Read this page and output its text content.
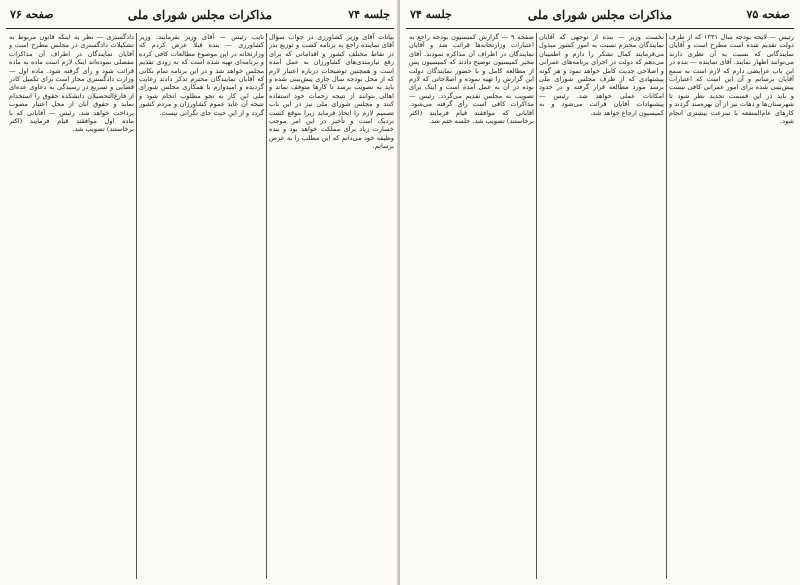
جلسه ۷۴
مذاکرات مجلس شورای ملی
صفحه ۷۶

بیانات آقای وزیر کشاورزی در جواب سؤال آقای نماینده راجع به برنامه کشت و توزیع بذر در نقاط مختلف کشور و اقداماتی که برای رفع نیازمندی‌های کشاورزان به عمل آمده است و همچنین توضیحات درباره اعتبار لازم که از محل بودجه سال جاری پیش‌بینی شده و باید به تصویب برسد تا کارها متوقف نماند و اهالی بتوانند از نتیجه زحمات خود استفاده کنند و مجلس شورای ملی نیز در این باب تصمیم لازم را اتخاذ فرماید زیرا موقع کشت نزدیک است و تأخیر در این امر موجب خسارت زیاد برای مملکت خواهد بود و بنده وظیفه خود می‌دانم که این مطلب را به عرض برسانم.

نایب رئیس — آقای وزیر بفرمایند. وزیر کشاورزی — بنده قبلاً عرض کردم که وزارتخانه در این موضوع مطالعات کافی کرده و برنامه‌ای تهیه شده است که به زودی تقدیم مجلس خواهد شد و در این برنامه تمام نکاتی که آقایان نمایندگان محترم تذکر دادند رعایت گردیده و امیدوارم با همکاری مجلس شورای ملی این کار به نحو مطلوب انجام شود و نتیجه آن عاید عموم کشاورزان و مردم کشور گردد و از این حیث جای نگرانی نیست.

دادگستری — نظر به اینکه قانون مربوط به تشکیلات دادگستری در مجلس مطرح است و آقایان نمایندگان در اطراف آن مذاکرات مفصلی نموده‌اند اینک لازم است ماده به ماده قرائت شود و رأی گرفته شود. ماده اول — وزارت دادگستری مجاز است برای تکمیل کادر قضایی و تسریع در رسیدگی به دعاوی عده‌ای از فارغ‌التحصیلان دانشکده حقوق را استخدام نماید و حقوق آنان از محل اعتبار مصوب پرداخت خواهد شد. رئیس — آقایانی که با ماده اول موافقند قیام فرمایند (اکثر برخاستند) تصویب شد.

صفحه ۷۵
مذاکرات مجلس شورای ملی
جلسه ۷۴

رئیس — لایحه بودجه سال ۱۳۳۱ که از طرف دولت تقدیم شده است مطرح است و آقایان نمایندگانی که نسبت به آن نظری دارند می‌توانند اظهار نمایند. آقای نماینده — بنده در این باب عرایضی دارم که لازم است به سمع آقایان برسانم و آن این است که اعتبارات پیش‌بینی شده برای امور عمرانی کافی نیست و باید در این قسمت تجدید نظر شود تا شهرستان‌ها و دهات نیز از آن بهره‌مند گردند و کارهای عام‌المنفعه با سرعت بیشتری انجام شود.

نخست وزیر — بنده از توجهی که آقایان نمایندگان محترم نسبت به امور کشور مبذول می‌فرمایند کمال تشکر را دارم و اطمینان می‌دهم که دولت در اجرای برنامه‌های عمرانی و اصلاحی جدیت کامل خواهد نمود و هر گونه پیشنهادی که از طرف مجلس شورای ملی برسد مورد مطالعه قرار گرفته و در حدود امکانات عملی خواهد شد. رئیس — پیشنهادات آقایان قرائت می‌شود و به کمیسیون ارجاع خواهد شد.

صفحه ۹ — گزارش کمیسیون بودجه راجع به اعتبارات وزارتخانه‌ها قرائت شد و آقایان نمایندگان در اطراف آن مذاکره نمودند. آقای مخبر کمیسیون توضیح دادند که کمیسیون پس از مطالعه کامل و با حضور نمایندگان دولت این گزارش را تهیه نموده و اصلاحاتی که لازم بوده در آن به عمل آمده است و اینک برای تصویب به مجلس تقدیم می‌گردد. رئیس — مذاکرات کافی است رأی گرفته می‌شود. آقایانی که موافقند قیام فرمایند (اکثر برخاستند) تصویب شد. جلسه ختم شد.
